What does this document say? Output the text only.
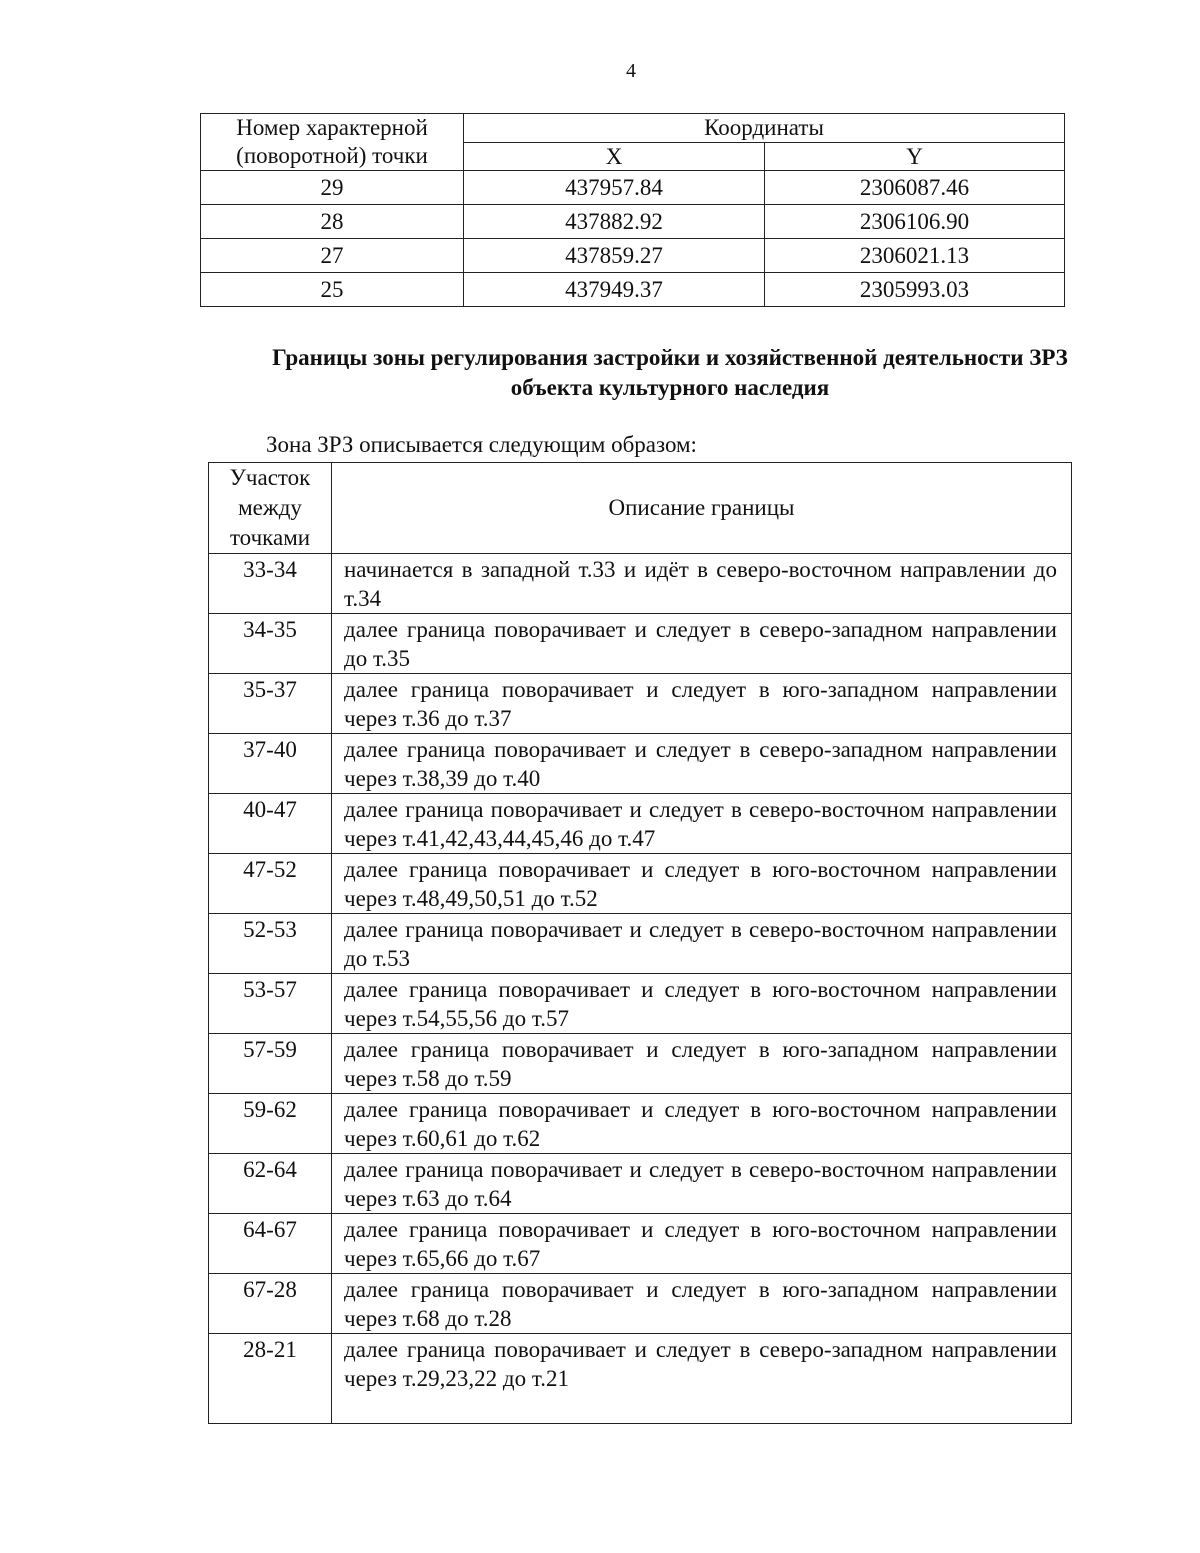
4
Номер характерной (поворотной) точки	Координаты	
	X	Y
29	437957.84	2306087.46
28	437882.92	2306106.90
27	437859.27	2306021.13
25	437949.37	2305993.03
Границы зоны регулирования застройки и хозяйственной деятельности ЗРЗ объекта культурного наследия
Зона ЗРЗ описывается следующим образом:
Участок между точками	Описание границы
33-34	начинается в западной т.33 и идёт в северо-восточном направлении до т.34
34-35	далее граница поворачивает и следует в северо-западном направлении до т.35
35-37	далее граница поворачивает и следует в юго-западном направлении через т.36 до т.37
37-40	далее граница поворачивает и следует в северо-западном направлении через т.38,39 до т.40
40-47	далее граница поворачивает и следует в северо-восточном направлении через т.41,42,43,44,45,46 до т.47
47-52	далее граница поворачивает и следует в юго-восточном направлении через т.48,49,50,51 до т.52
52-53	далее граница поворачивает и следует в северо-восточном направлении до т.53
53-57	далее граница поворачивает и следует в юго-восточном направлении через т.54,55,56 до т.57
57-59	далее граница поворачивает и следует в юго-западном направлении через т.58 до т.59
59-62	далее граница поворачивает и следует в юго-восточном направлении через т.60,61 до т.62
62-64	далее граница поворачивает и следует в северо-восточном направлении через т.63 до т.64
64-67	далее граница поворачивает и следует в юго-восточном направлении через т.65,66 до т.67
67-28	далее граница поворачивает и следует в юго-западном направлении через т.68 до т.28
28-21	далее граница поворачивает и следует в северо-западном направлении через т.29,23,22 до т.21
